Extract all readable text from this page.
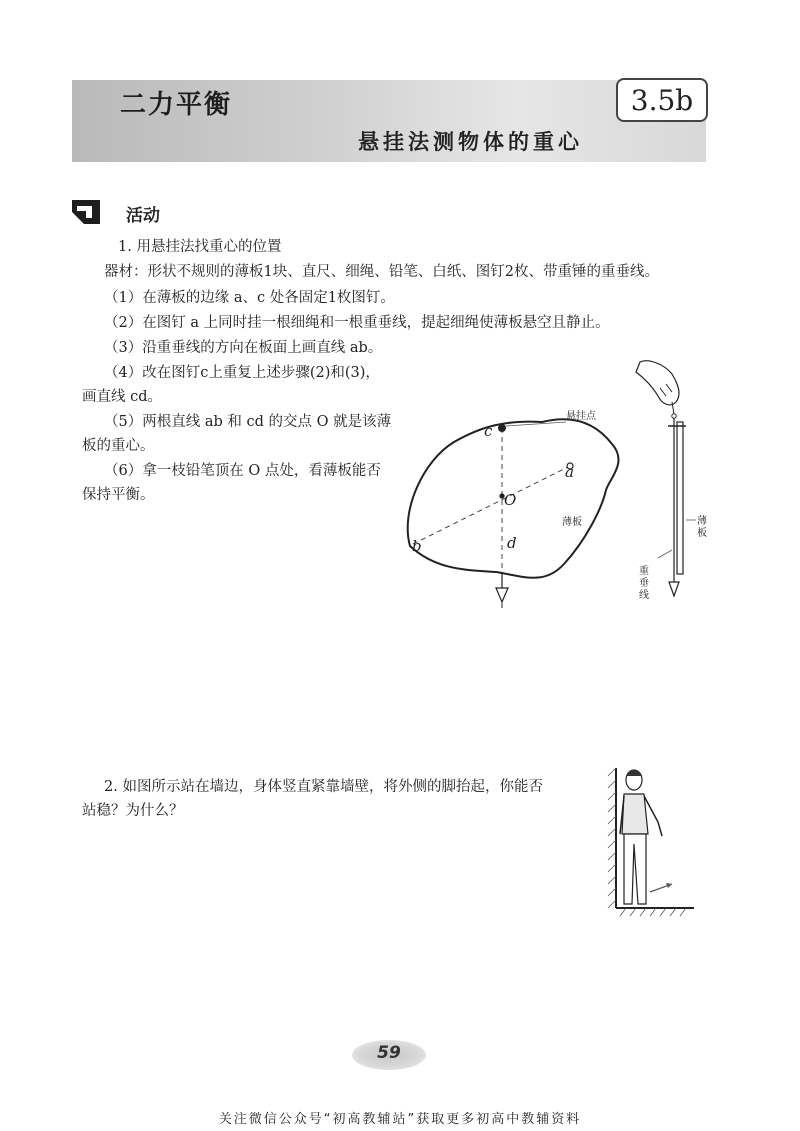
二力平衡	3.5b
悬挂法测物体的重心
活动
1. 用悬挂法找重心的位置
器材：形状不规则的薄板1块、直尺、细绳、铅笔、白纸、图钉2枚、带重锤的重垂线。
（1）在薄板的边缘 a、c 处各固定1枚图钉。
（2）在图钉 a 上同时挂一根细绳和一根重垂线，提起细绳使薄板悬空且静止。
（3）沿重垂线的方向在板面上画直线 ab。
（4）改在图钉c上重复上述步骤(2)和(3)，
画直线 cd。
（5）两根直线 ab 和 cd 的交点 O 就是该薄
板的重心。
（6）拿一枝铅笔顶在 O 点处，看薄板能否
保持平衡。
c
a
O
b	d
悬挂点
薄板	薄板
重垂线
2. 如图所示站在墙边，身体竖直紧靠墙壁，将外侧的脚抬起，你能否
站稳？为什么？
59
关注微信公众号“初高教辅站”获取更多初高中教辅资料
